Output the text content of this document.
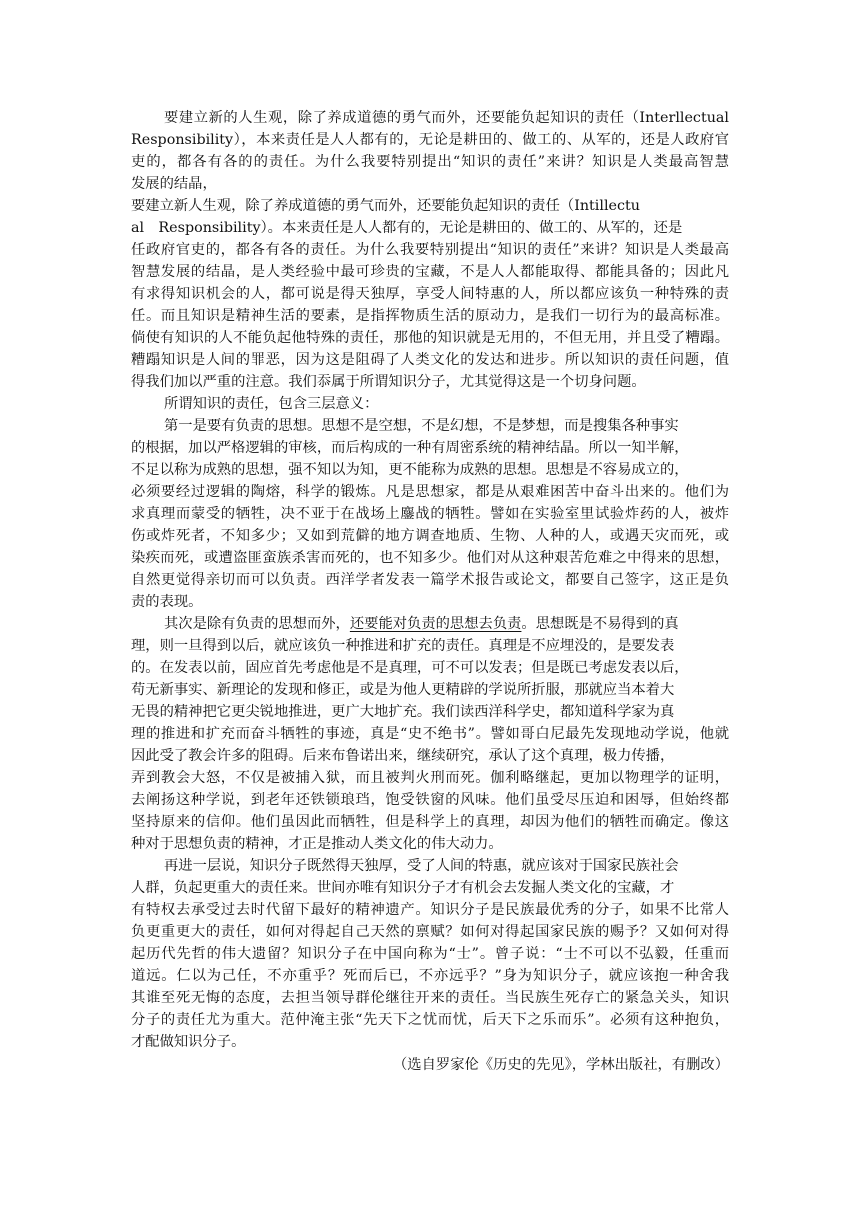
要建立新的人生观，除了养成道德的勇气而外，还要能负起知识的责任（Interllectual
Responsibility），本来责任是人人都有的，无论是耕田的、做工的、从军的，还是人政府官
吏的，都各有各的的责任。为什么我要特别提出“知识的责任”来讲？知识是人类最高智慧
发展的结晶，
要建立新人生观，除了养成道德的勇气而外，还要能负起知识的责任（Intillectu
al　Responsibility）。本来责任是人人都有的，无论是耕田的、做工的、从军的，还是
任政府官吏的，都各有各的责任。为什么我要特别提出“知识的责任”来讲？知识是人类最高
智慧发展的结晶，是人类经验中最可珍贵的宝藏，不是人人都能取得、都能具备的；因此凡
有求得知识机会的人，都可说是得天独厚，享受人间特惠的人，所以都应该负一种特殊的责
任。而且知识是精神生活的要素，是指挥物质生活的原动力，是我们一切行为的最高标准。
倘使有知识的人不能负起他特殊的责任，那他的知识就是无用的，不但无用，并且受了糟蹋。
糟蹋知识是人间的罪恶，因为这是阻碍了人类文化的发达和进步。所以知识的责任问题，值
得我们加以严重的注意。我们忝属于所谓知识分子，尤其觉得这是一个切身问题。
所谓知识的责任，包含三层意义：
第一是要有负责的思想。思想不是空想，不是幻想，不是梦想，而是搜集各种事实
的根据，加以严格逻辑的审核，而后构成的一种有周密系统的精神结晶。所以一知半解，
不足以称为成熟的思想，强不知以为知，更不能称为成熟的思想。思想是不容易成立的，
必须要经过逻辑的陶熔，科学的锻炼。凡是思想家，都是从艰难困苦中奋斗出来的。他们为
求真理而蒙受的牺牲，决不亚于在战场上鏖战的牺牲。譬如在实验室里试验炸药的人，被炸
伤或炸死者，不知多少；又如到荒僻的地方调查地质、生物、人种的人，或遇天灾而死，或
染疾而死，或遭盗匪蛮族杀害而死的，也不知多少。他们对从这种艰苦危难之中得来的思想，
自然更觉得亲切而可以负责。西洋学者发表一篇学术报告或论文，都要自己签字，这正是负
责的表现。
其次是除有负责的思想而外，还要能对负责的思想去负责。思想既是不易得到的真
理，则一旦得到以后，就应该负一种推进和扩充的责任。真理是不应埋没的，是要发表
的。在发表以前，固应首先考虑他是不是真理，可不可以发表；但是既已考虑发表以后，
苟无新事实、新理论的发现和修正，或是为他人更精辟的学说所折服，那就应当本着大
无畏的精神把它更尖锐地推进，更广大地扩充。我们读西洋科学史，都知道科学家为真
理的推进和扩充而奋斗牺牲的事迹，真是“史不绝书”。譬如哥白尼最先发现地动学说，他就
因此受了教会许多的阻碍。后来布鲁诺出来，继续研究，承认了这个真理，极力传播，
弄到教会大怒，不仅是被捕入狱，而且被判火刑而死。伽利略继起，更加以物理学的证明，
去阐扬这种学说，到老年还铁锁琅珰，饱受铁窗的风味。他们虽受尽压迫和困辱，但始终都
坚持原来的信仰。他们虽因此而牺牲，但是科学上的真理，却因为他们的牺牲而确定。像这
种对于思想负责的精神，才正是推动人类文化的伟大动力。
再进一层说，知识分子既然得天独厚，受了人间的特惠，就应该对于国家民族社会
人群，负起更重大的责任来。世间亦唯有知识分子才有机会去发掘人类文化的宝藏，才
有特权去承受过去时代留下最好的精神遗产。知识分子是民族最优秀的分子，如果不比常人
负更重更大的责任，如何对得起自己天然的禀赋？如何对得起国家民族的赐予？又如何对得
起历代先哲的伟大遗留？知识分子在中国向称为“士”。曾子说：“士不可以不弘毅，任重而
道远。仁以为己任，不亦重乎？死而后已，不亦远乎？”身为知识分子，就应该抱一种舍我
其谁至死无悔的态度，去担当领导群伦继往开来的责任。当民族生死存亡的紧急关头，知识
分子的责任尤为重大。范仲淹主张“先天下之忧而忧，后天下之乐而乐”。必须有这种抱负，
才配做知识分子。
（选自罗家伦《历史的先见》，学林出版社，有删改）
